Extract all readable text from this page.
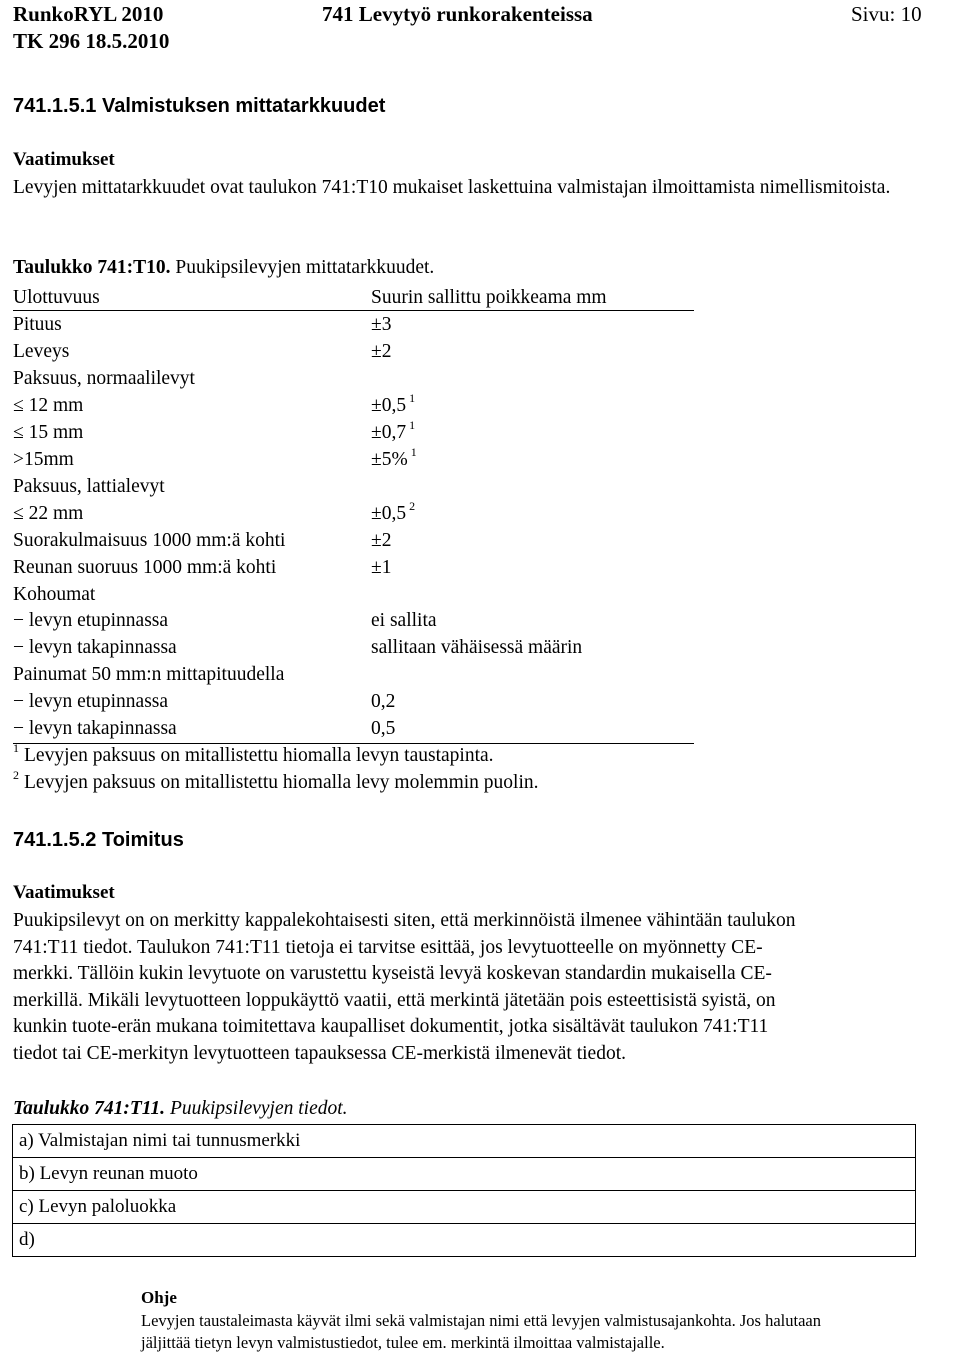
RunkoRYL 2010	741 Levytyö runkorakenteissa	Sivu: 10
TK 296 18.5.2010
741.1.5.1 Valmistuksen mittatarkkuudet
Vaatimukset
Levyjen mittatarkkuudet ovat taulukon 741:T10 mukaiset laskettuina valmistajan ilmoittamista nimellismitoista.
Taulukko 741:T10. Puukipsilevyjen mittatarkkuudet.
Ulottuvuus	Suurin sallittu poikkeama mm
Pituus	±3
Leveys	±2
Paksuus, normaalilevyt
≤ 12 mm	±0,5 $^1$
≤ 15 mm	±0,7 $^1$
>15mm	±5% $^1$
Paksuus, lattialevyt
≤ 22 mm	±0,5 $^2$
Suorakulmaisuus 1000 mm:ä kohti	±2
Reunan suoruus 1000 mm:ä kohti	±1
Kohoumat
− levyn etupinnassa	ei sallita
− levyn takapinnassa	sallitaan vähäisessä määrin
Painumat 50 mm:n mittapituudella
− levyn etupinnassa	0,2
− levyn takapinnassa	0,5
$^1$ Levyjen paksuus on mitallistettu hiomalla levyn taustapinta.
$^2$ Levyjen paksuus on mitallistettu hiomalla levy molemmin puolin.
741.1.5.2 Toimitus
Vaatimukset
Puukipsilevyt on on merkitty kappalekohtaisesti siten, että merkinnöistä ilmenee vähintään taulukon
741:T11 tiedot. Taulukon 741:T11 tietoja ei tarvitse esittää, jos levytuotteelle on myönnetty CE-
merkki. Tällöin kukin levytuote on varustettu kyseistä levyä koskevan standardin mukaisella CE-
merkillä. Mikäli levytuotteen loppukäyttö vaatii, että merkintä jätetään pois esteettisistä syistä, on
kunkin tuote-erän mukana toimitettava kaupalliset dokumentit, jotka sisältävät taulukon 741:T11
tiedot tai CE-merkityn levytuotteen tapauksessa CE-merkistä ilmenevät tiedot.
Taulukko 741:T11. Puukipsilevyjen tiedot.
a) Valmistajan nimi tai tunnusmerkki
b) Levyn reunan muoto
c) Levyn paloluokka
d)
Ohje
Levyjen taustaleimasta käyvät ilmi sekä valmistajan nimi että levyjen valmistusajankohta. Jos halutaan
jäljittää tietyn levyn valmistustiedot, tulee em. merkintä ilmoittaa valmistajalle.
